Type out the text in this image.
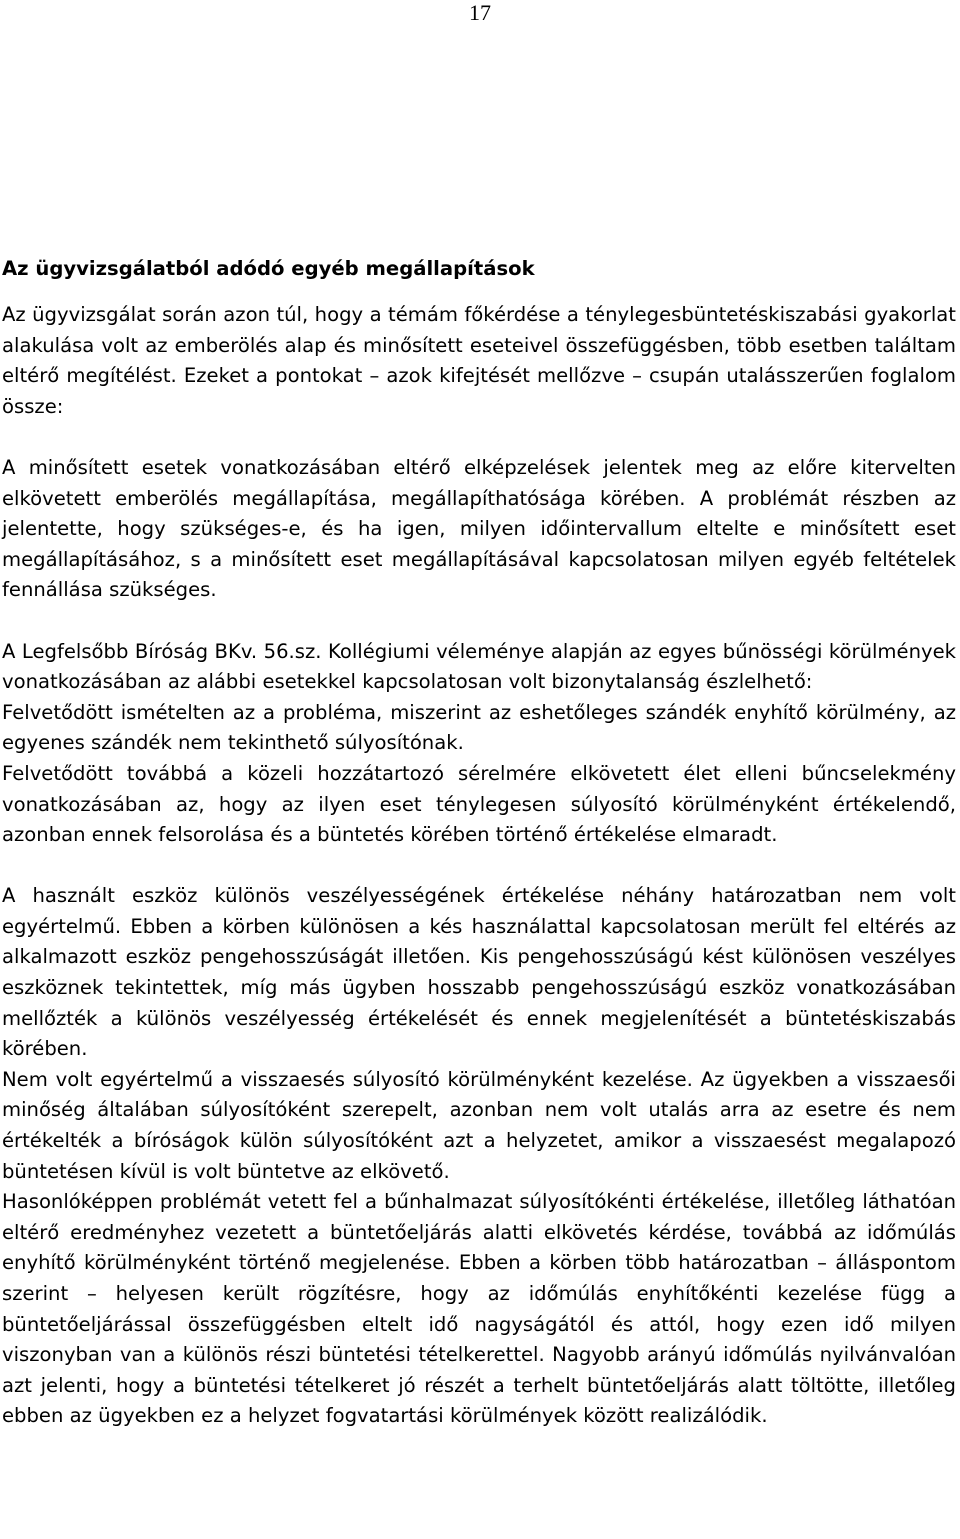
17

Az ügyvizsgálatból adódó egyéb megállapítások

Az ügyvizsgálat során azon túl, hogy a témám főkérdése a ténylegesbüntetéskiszabási gyakorlat alakulása volt az emberölés alap és minősített eseteivel összefüggésben, több esetben találtam eltérő megítélést. Ezeket a pontokat – azok kifejtését mellőzve – csupán utalásszerűen foglalom össze:

A minősített esetek vonatkozásában eltérő elképzelések jelentek meg az előre kitervelten elkövetett emberölés megállapítása, megállapíthatósága körében. A problémát részben az jelentette, hogy szükséges-e, és ha igen, milyen időintervallum eltelte e minősített eset megállapításához, s a minősített eset megállapításával kapcsolatosan milyen egyéb feltételek fennállása szükséges.

A Legfelsőbb Bíróság BKv. 56.sz. Kollégiumi véleménye alapján az egyes bűnösségi körülmények vonatkozásában az alábbi esetekkel kapcsolatosan volt bizonytalanság észlelhető:

Felvetődött ismételten az a probléma, miszerint az eshetőleges szándék enyhítő körülmény, az egyenes szándék nem tekinthető súlyosítónak.

Felvetődött továbbá a közeli hozzátartozó sérelmére elkövetett élet elleni bűncselekmény vonatkozásában az, hogy az ilyen eset ténylegesen súlyosító körülményként értékelendő, azonban ennek felsorolása és a büntetés körében történő értékelése elmaradt.

A használt eszköz különös veszélyességének értékelése néhány határozatban nem volt egyértelmű. Ebben a körben különösen a kés használattal kapcsolatosan merült fel eltérés az alkalmazott eszköz pengehosszúságát illetően. Kis pengehosszúságú kést különösen veszélyes eszköznek tekintettek, míg más ügyben hosszabb pengehosszúságú eszköz vonatkozásában mellőzték a különös veszélyesség értékelését és ennek megjelenítését a büntetéskiszabás körében.

Nem volt egyértelmű a visszaesés súlyosító körülményként kezelése. Az ügyekben a visszaesői minőség általában súlyosítóként szerepelt, azonban nem volt utalás arra az esetre és nem értékelték a bíróságok külön súlyosítóként azt a helyzetet, amikor a visszaesést megalapozó büntetésen kívül is volt büntetve az elkövető.

Hasonlóképpen problémát vetett fel a bűnhalmazat súlyosítókénti értékelése, illetőleg láthatóan eltérő eredményhez vezetett a büntetőeljárás alatti elkövetés kérdése, továbbá az időmúlás enyhítő körülményként történő megjelenése. Ebben a körben több határozatban – álláspontom szerint – helyesen került rögzítésre, hogy az időmúlás enyhítőkénti kezelése függ a büntetőeljárással összefüggésben eltelt idő nagyságától és attól, hogy ezen idő milyen viszonyban van a különös részi büntetési tételkerettel. Nagyobb arányú időmúlás nyilvánvalóan azt jelenti, hogy a büntetési tételkeret jó részét a terhelt büntetőeljárás alatt töltötte, illetőleg ebben az ügyekben ez a helyzet fogvatartási körülmények között realizálódik.
